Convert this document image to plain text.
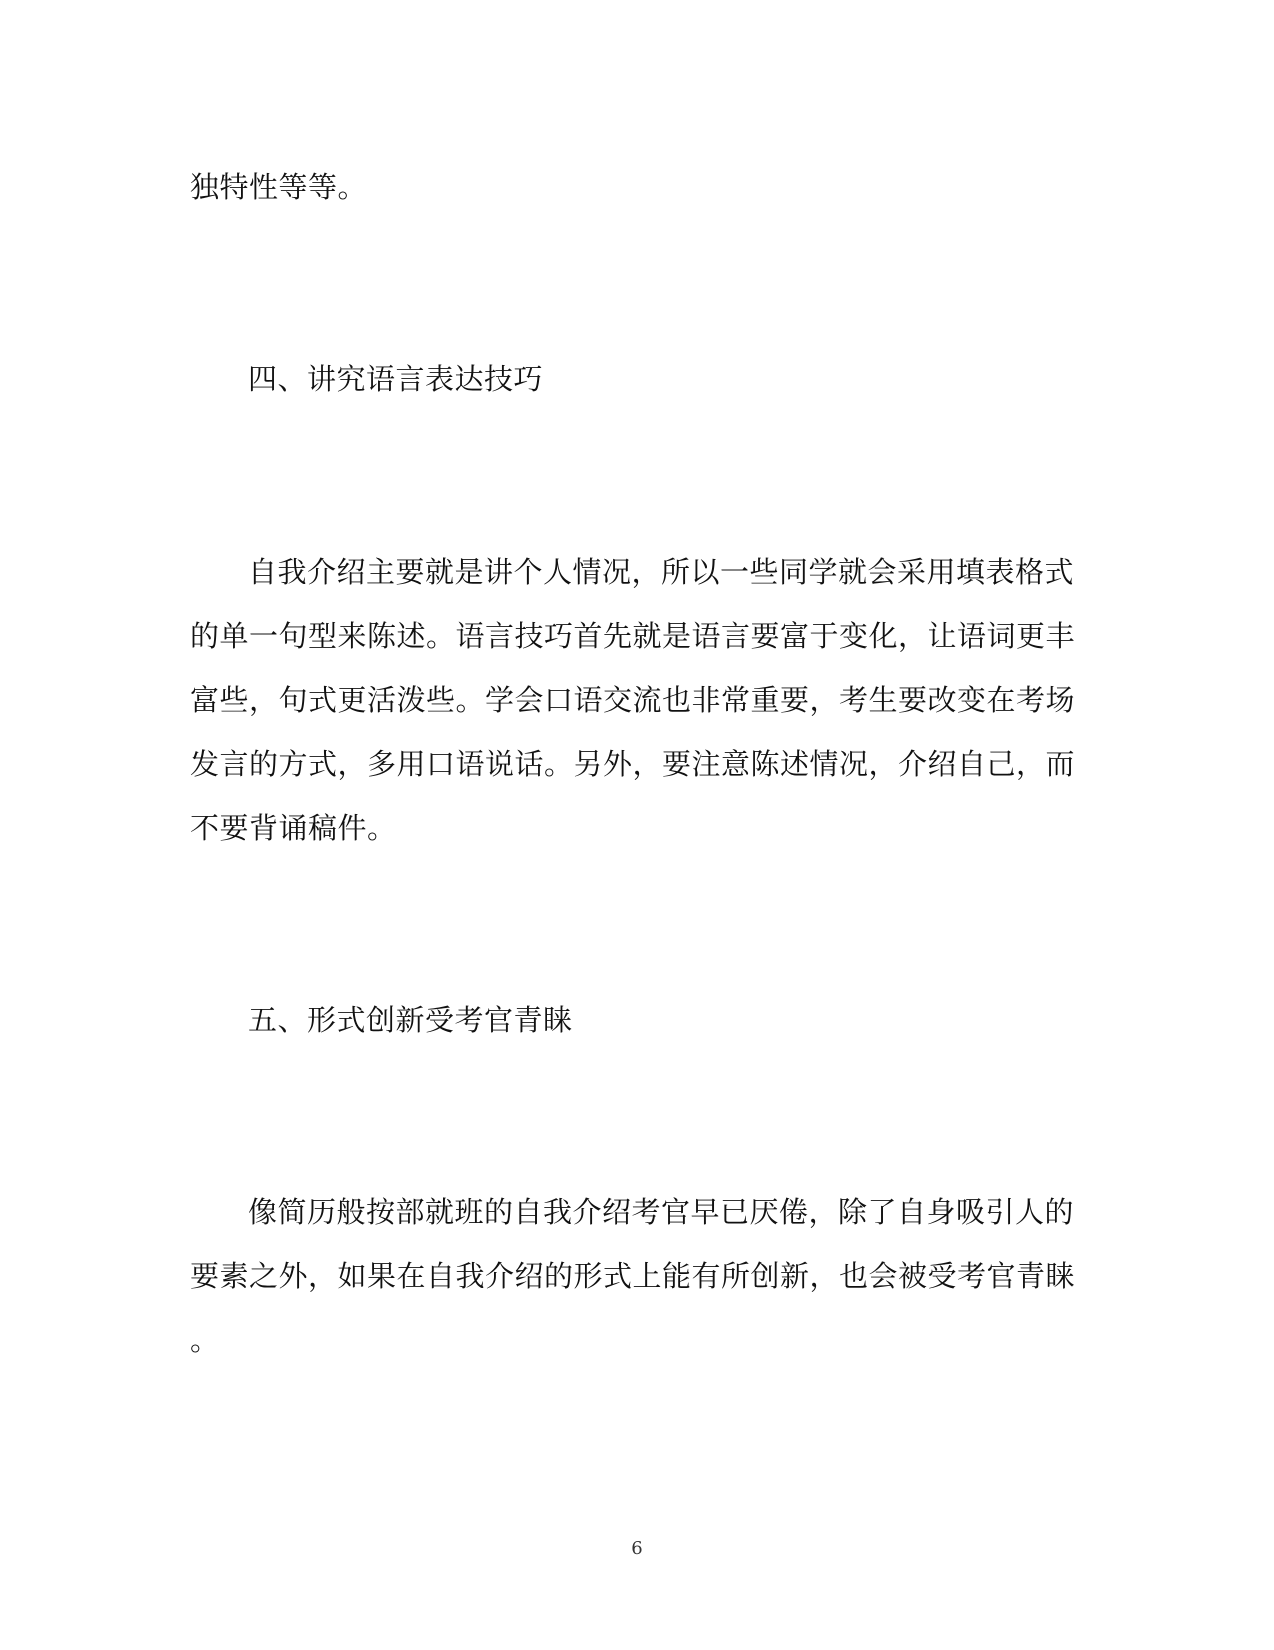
独特性等等。
四、讲究语言表达技巧
自我介绍主要就是讲个人情况，所以一些同学就会采用填表格式
的单一句型来陈述。语言技巧首先就是语言要富于变化，让语词更丰
富些，句式更活泼些。学会口语交流也非常重要，考生要改变在考场
发言的方式，多用口语说话。另外，要注意陈述情况，介绍自己，而
不要背诵稿件。
五、形式创新受考官青睐
像简历般按部就班的自我介绍考官早已厌倦，除了自身吸引人的
要素之外，如果在自我介绍的形式上能有所创新，也会被受考官青睐
。
6
